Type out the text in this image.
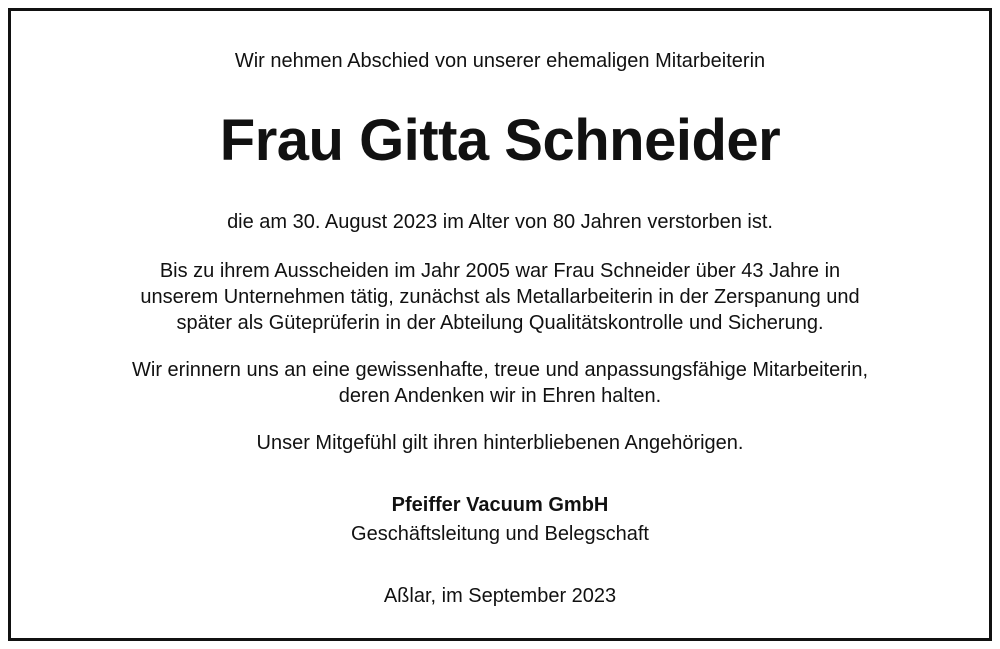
Wir nehmen Abschied von unserer ehemaligen Mitarbeiterin
Frau Gitta Schneider
die am 30. August 2023 im Alter von 80 Jahren verstorben ist.
Bis zu ihrem Ausscheiden im Jahr 2005 war Frau Schneider über 43 Jahre in
unserem Unternehmen tätig, zunächst als Metallarbeiterin in der Zerspanung und
später als Güteprüferin in der Abteilung Qualitätskontrolle und Sicherung.
Wir erinnern uns an eine gewissenhafte, treue und anpassungsfähige Mitarbeiterin,
deren Andenken wir in Ehren halten.
Unser Mitgefühl gilt ihren hinterbliebenen Angehörigen.
Pfeiffer Vacuum GmbH
Geschäftsleitung und Belegschaft
Aßlar, im September 2023
